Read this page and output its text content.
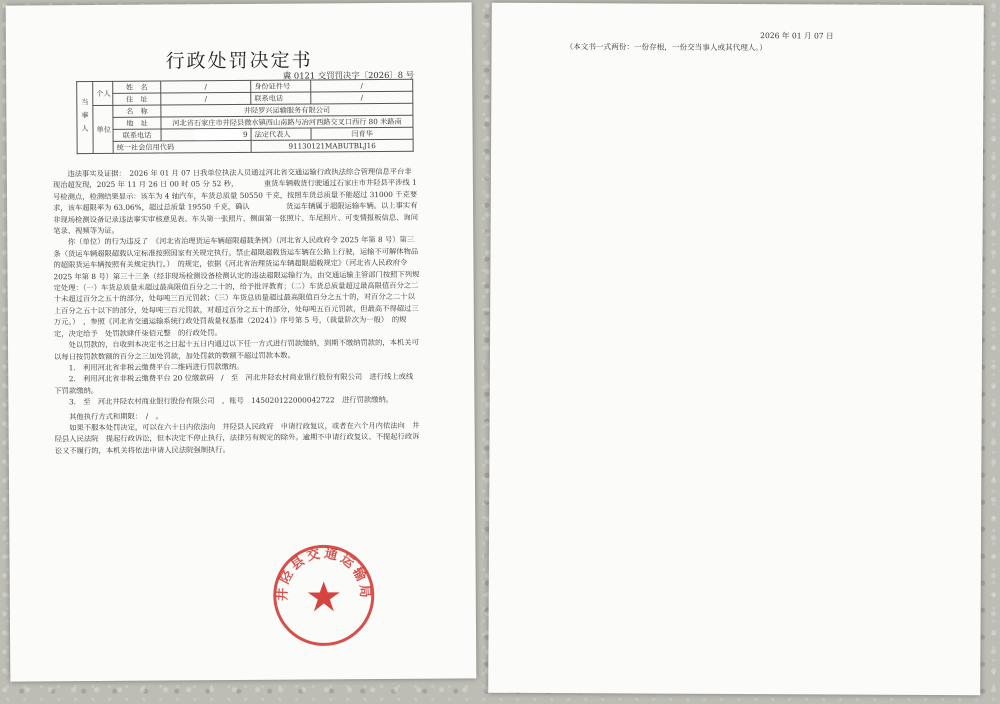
行政处罚决定书
冀 0121 交罚罚决字〔2026〕8 号
当事人	个人	姓　名	/	身份证件号	/
		住　址	/	联系电话	/
	单位	名　称	井陉罗兴运输服务有限公司		
		地　址	河北省石家庄市井陉县微水镇西山南路与冶河西路交叉口西行 80 米路南		

		联系电话	9	法定代表人	闫育华
		统一社会信用代码		91130121MABUTBLJ16	

违法事实及证据：　2026 年 01 月 07 日我单位执法人员通过河北省交通运输行政执法综合管理信息平台非现治超发现，2025 年 11 月 26 日 00 时 05 分 52 秒，　　　　重货车辆载货行驶通过石家庄市井陉县平涉线 1 号检测点，检测结果显示：该车为 4 轴汽车，车货总质量 50550 千克，按照车货总质量不能超过 31000 千克要求，该车超限率为 63.06%，超过总质量 19550 千克，确认　　　　　货运车辆属于超限运输车辆。以上事实有非现场检测设备记录违法事实审核意见表、车头第一张照片、侧面第一张照片、车尾照片、可变情报板信息、询问笔录、视频等为证。

你（单位）的行为违反了　《河北省治理货运车辆超限超载条例》（河北省人民政府令 2025 年第 8 号）第三条（货运车辆超限超载认定标准按照国家有关规定执行。禁止超限超载货运车辆在公路上行驶，运输不可解体物品的超限货运车辆按照有关规定执行。）　的规定，依据《河北省治理货运车辆超限超载规定》（河北省人民政府令 2025 年第 8 号）第三十三条（经非现场检测设备检测认定的违法超限运输行为，由交通运输主管部门按照下列规定处理：（一）车货总质量未超过最高限值百分之二十的，给予批评教育；（二）车货总质量超过最高限值百分之二十未超过百分之五十的部分，处每吨三百元罚款；（三）车货总质量超过最高限值百分之五十的，对百分之二十以上百分之五十以下的部分，处每吨三百元罚款，对超过百分之五十的部分，处每吨五百元罚款，但最高不得超过三万元。）　，参照《河北省交通运输系统行政处罚裁量权基准（2024）》序号第 5 号，（裁量阶次为一般）　的规定，决定给予　处罚款肆仟柒佰元整　的行政处罚。

处以罚款的，自收到本决定书之日起十五日内通过以下任一方式进行罚款缴纳，到期不缴纳罚款的，本机关可以每日按罚款数额的百分之三加处罚款，加处罚款的数额不超过罚款本数。

1.　利用河北省非税云缴费平台二维码进行罚款缴纳。

2.　利用河北省非税云缴费平台 20 位缴款码　/　至　河北井陉农村商业银行股份有限公司　进行线上或线下罚款缴纳。

3.　至　河北井陉农村商业银行股份有限公司　，账号　145020122000042722　进行罚款缴纳。

其他执行方式和期限：　/　。

如果不服本处罚决定，可以在六十日内依法向　井陉县人民政府　申请行政复议，或者在六个月内依法向　井陉县人民法院　提起行政诉讼，但本决定不停止执行，法律另有规定的除外。逾期不申请行政复议、不提起行政诉讼又不履行的，本机关将依法申请人民法院强制执行。

井陉县交通运输局
2026 年 01 月 07 日
（本文书一式两份：一份存根，一份交当事人或其代理人。）
